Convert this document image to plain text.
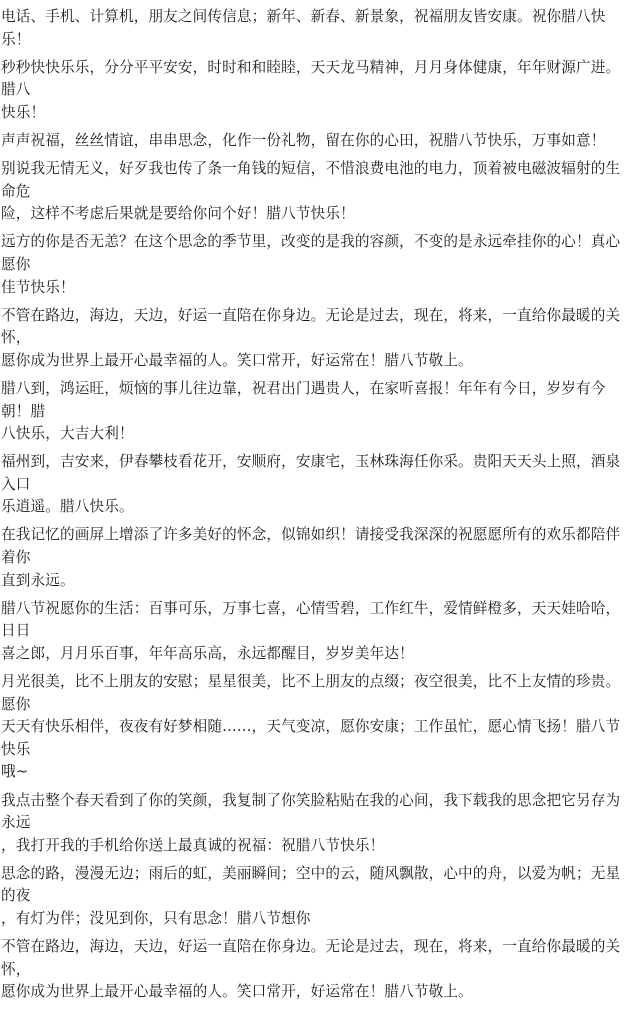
电话、手机、计算机，朋友之间传信息；新年、新春、新景象，祝福朋友皆安康。祝你腊八快乐！

秒秒快快乐乐，分分平平安安，时时和和睦睦，天天龙马精神，月月身体健康，年年财源广进。腊八
快乐！

声声祝福，丝丝情谊，串串思念，化作一份礼物，留在你的心田，祝腊八节快乐，万事如意！

别说我无情无义，好歹我也传了条一角钱的短信，不惜浪费电池的电力，顶着被电磁波辐射的生命危
险，这样不考虑后果就是要给你问个好！腊八节快乐！

远方的你是否无恙？在这个思念的季节里，改变的是我的容颜，不变的是永远牵挂你的心！真心愿你
佳节快乐！

不管在路边，海边，天边，好运一直陪在你身边。无论是过去，现在，将来，一直给你最暖的关怀，
愿你成为世界上最开心最幸福的人。笑口常开，好运常在！腊八节敬上。

腊八到，鸿运旺，烦恼的事儿往边靠，祝君出门遇贵人，在家听喜报！年年有今日，岁岁有今朝！腊
八快乐，大吉大利！

福州到，吉安来，伊春攀枝看花开，安顺府，安康宅，玉林珠海任你采。贵阳天天头上照，酒泉入口
乐逍遥。腊八快乐。

在我记忆的画屏上增添了许多美好的怀念，似锦如织！请接受我深深的祝愿愿所有的欢乐都陪伴着你
直到永远。

腊八节祝愿你的生活：百事可乐，万事七喜，心情雪碧，工作红牛，爱情鲜橙多，天天娃哈哈，日日
喜之郎，月月乐百事，年年高乐高，永远都醒目，岁岁美年达！

月光很美，比不上朋友的安慰；星星很美，比不上朋友的点缀；夜空很美，比不上友情的珍贵。愿你
天天有快乐相伴，夜夜有好梦相随……，天气变凉，愿你安康；工作虽忙，愿心情飞扬！腊八节快乐
哦~

我点击整个春天看到了你的笑颜，我复制了你笑脸粘贴在我的心间，我下载我的思念把它另存为永远
，我打开我的手机给你送上最真诚的祝福：祝腊八节快乐！

思念的路，漫漫无边；雨后的虹，美丽瞬间；空中的云，随风飘散，心中的舟，以爱为帆；无星的夜
，有灯为伴；没见到你，只有思念！腊八节想你

不管在路边，海边，天边，好运一直陪在你身边。无论是过去，现在，将来，一直给你最暖的关怀，
愿你成为世界上最开心最幸福的人。笑口常开，好运常在！腊八节敬上。
